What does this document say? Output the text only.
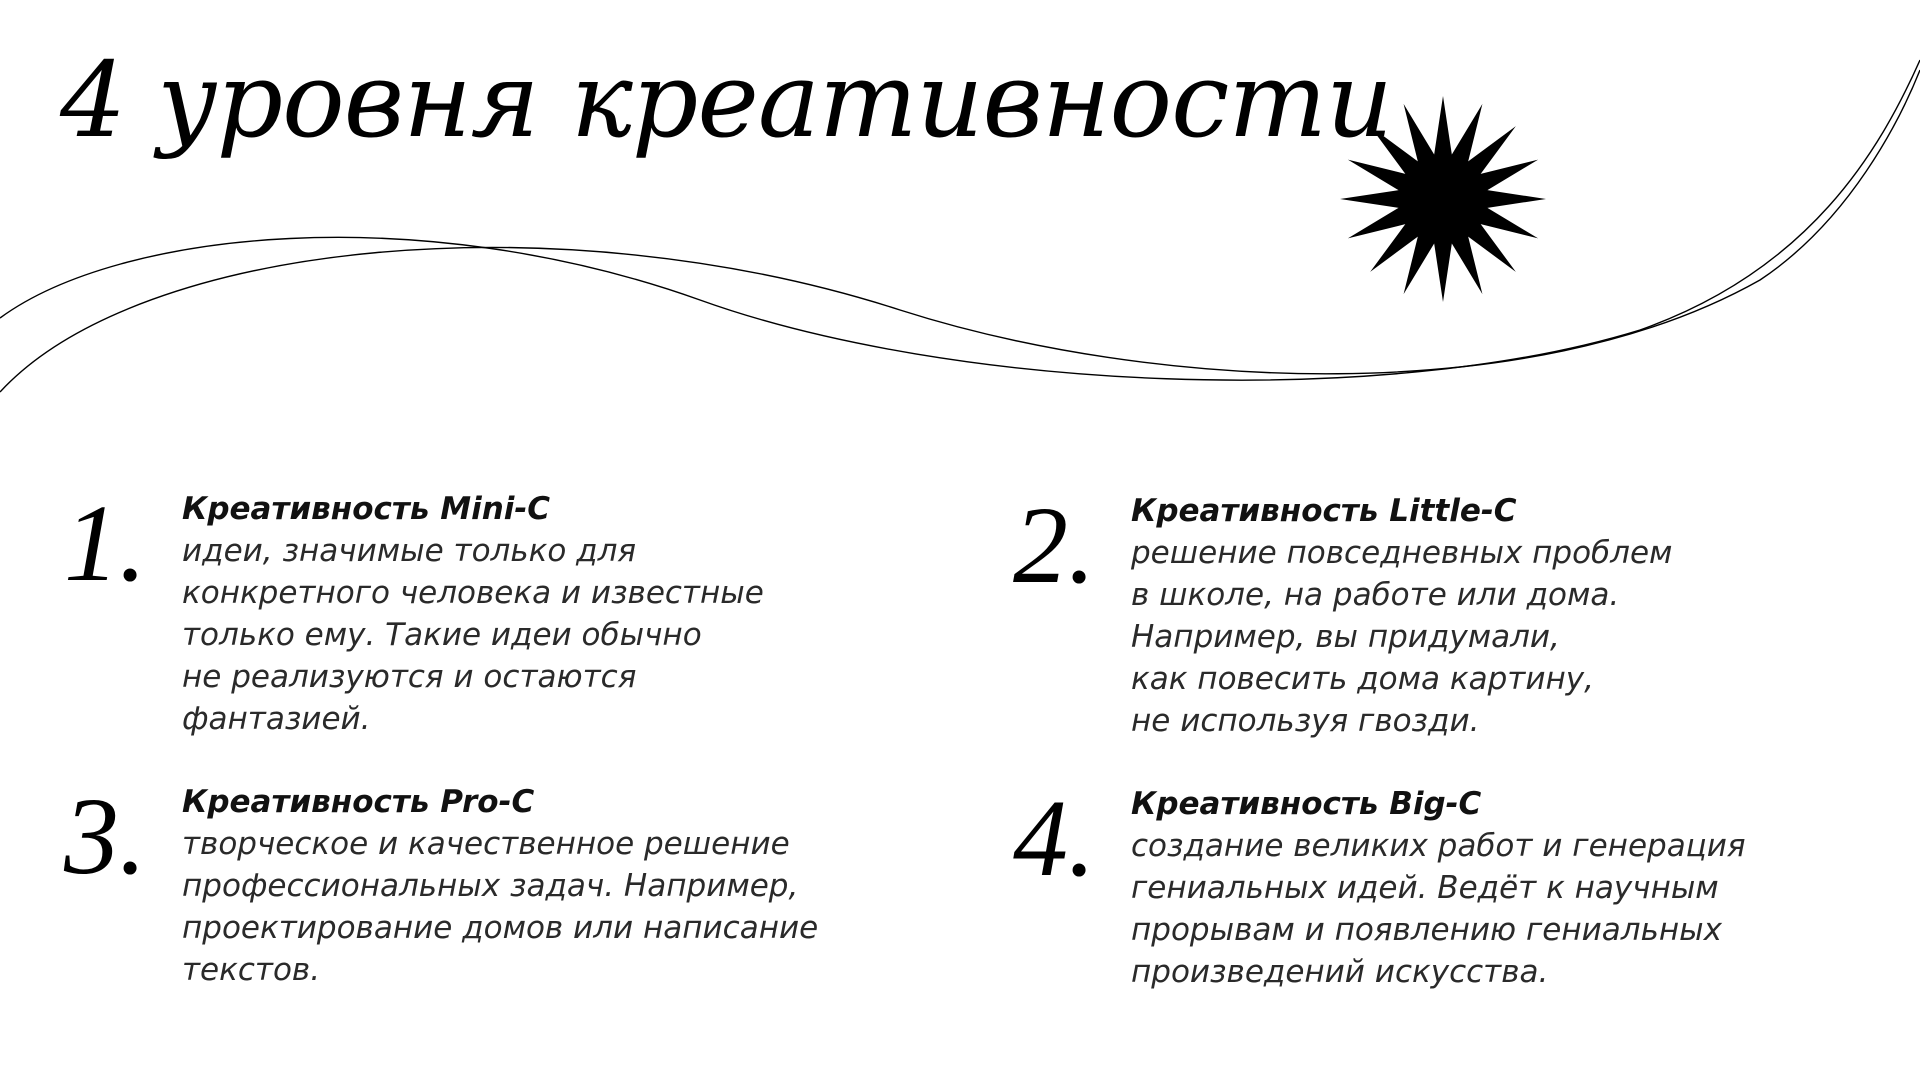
4 уровня креативности
1. Креативность Mini-C
идеи, значимые только для
конкретного человека и известные
только ему. Такие идеи обычно
не реализуются и остаются
фантазией.
2. Креативность Little-C
решение повседневных проблем
в школе, на работе или дома.
Например, вы придумали,
как повесить дома картину,
не используя гвозди.
3. Креативность Pro-C
творческое и качественное решение
профессиональных задач. Например,
проектирование домов или написание
текстов.
4. Креативность Big-C
создание великих работ и генерация
гениальных идей. Ведёт к научным
прорывам и появлению гениальных
произведений искусства.
